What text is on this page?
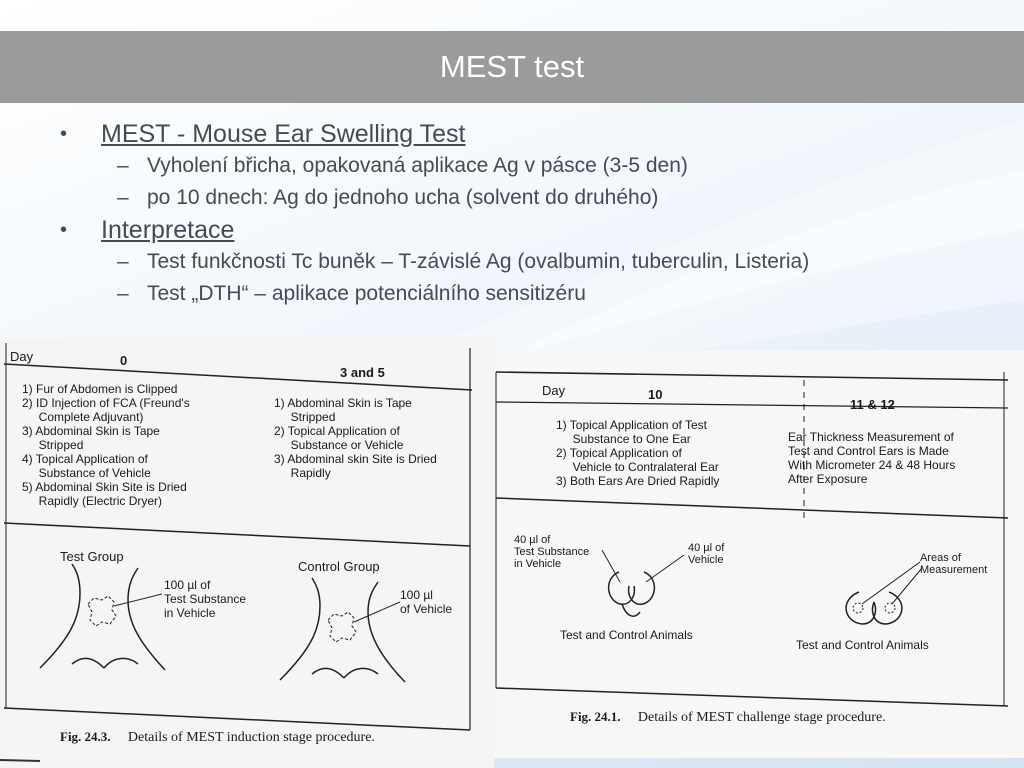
MEST test
• MEST - Mouse Ear Swelling Test
– Vyholení břicha, opakovaná aplikace Ag v pásce (3-5 den)
– po 10 dnech: Ag do jednoho ucha (solvent do druhého)
• Interpretace
– Test funkčnosti Tc buněk – T-závislé Ag (ovalbumin, tuberculin, Listeria)
– Test „DTH“ – aplikace potenciálního sensitizéru
Day	0
3 and 5
1) Fur of Abdomen is Clipped
2) ID Injection of FCA (Freund's
Complete Adjuvant)
3) Abdominal Skin is Tape
Stripped
4) Topical Application of
Substance of Vehicle
5) Abdominal Skin Site is Dried
Rapidly (Electric Dryer)
1) Abdominal Skin is Tape
Stripped
2) Topical Application of
Substance or Vehicle
3) Abdominal skin Site is Dried
Rapidly
Test Group
100 µl of
Test Substance
in Vehicle
Control Group
100 µl
of Vehicle
Fig. 24.3. Details of MEST induction stage procedure.
Day	10
11 & 12
1) Topical Application of Test
Substance to One Ear
2) Topical Application of
Vehicle to Contralateral Ear
3) Both Ears Are Dried Rapidly
Ear Thickness Measurement of
Test and Control Ears is Made
With Micrometer 24 & 48 Hours
After Exposure
40 µl of
Test Substance
in Vehicle
40 µl of
Vehicle
Test and Control Animals
Areas of
Measurement
Test and Control Animals
Fig. 24.1. Details of MEST challenge stage procedure.
